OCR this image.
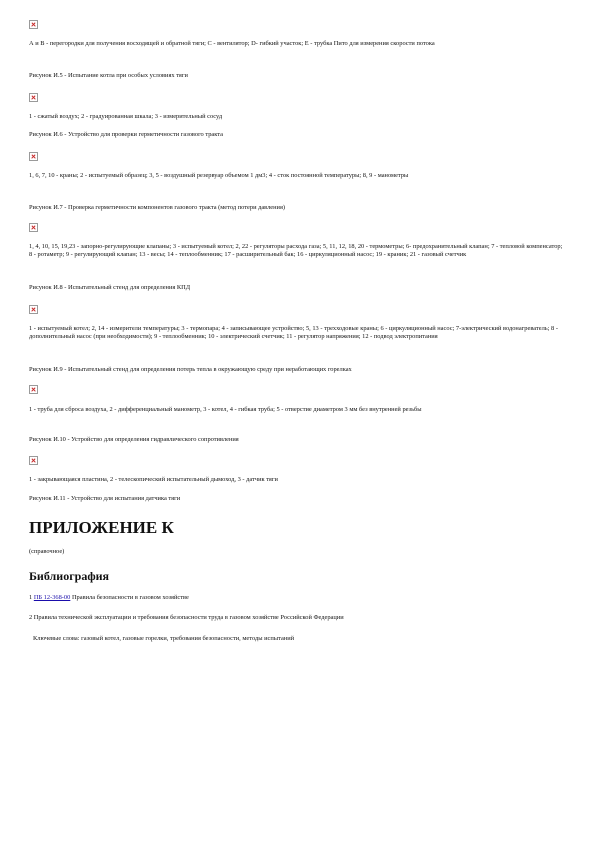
А и В - перегородки для получения восходящей и обратной тяги; С - вентилятор; D- гибкий участок; Е - трубка Пито для измерения скорости потока

Рисунок И.5 - Испытание котла при особых условиях тяги

1 - сжатый воздух; 2 - градуированная шкала; 3 - измерительный сосуд

Рисунок И.6 - Устройство для проверки герметичности газового тракта

1, 6, 7, 10 - краны; 2 - испытуемый образец; 3, 5 - воздушный резервуар объемом 1 дм3; 4 - сток постоянной температуры; 8, 9 - манометры

Рисунок И.7 - Проверка герметичности компонентов газового тракта (метод потери давления)

1, 4, 10, 15, 19,23 - запорно-регулирующие клапаны; 3 - испытуемый котел; 2, 22 - регуляторы расхода газа; 5, 11, 12, 18, 20 - термометры; 6- предохранительный клапан; 7 - тепловой компенсатор; 8 - ротаметр; 9 - регулирующий клапан; 13 - весы; 14 - теплообменник; 17 - расширительный бак; 16 - циркуляционный насос; 19 - краник; 21 - газовый счетчик

Рисунок И.8 - Испытательный стенд для определения КПД

1 - испытуемый котел; 2, 14 - измерители температуры; 3 - термопара; 4 - записывающее устройство; 5, 13 - трехходовые краны; 6 - циркуляционный насос; 7-электрический водонагреватель; 8 - дополнительный насос (при необходимости); 9 - теплообменник; 10 - электрический счетчик; 11 - регулятор напряжения; 12 - подвод электропитания

Рисунок И.9 - Испытательный стенд для определения потерь тепла в окружающую среду при неработающих горелках

1 - труба для сброса воздуха, 2 - дифференциальный манометр, 3 - котел, 4 - гибкая труба; 5 - отверстие диаметром 3 мм без внутренней резьбы

Рисунок И.10 - Устройство для определения гидравлического сопротивления

1 - закрывающаяся пластина, 2 - телескопический испытательный дымоход, 3 - датчик тяги

Рисунок И.11 - Устройство для испытания датчика тяги

ПРИЛОЖЕНИЕ К

(справочное)

Библиография

1 ПБ 12-368-00 Правила безопасности в газовом хозяйстве

2 Правила технической эксплуатации и требования безопасности труда в газовом хозяйстве Российской Федерации

Ключевые слова: газовый котел, газовые горелки, требования безопасности, методы испытаний
